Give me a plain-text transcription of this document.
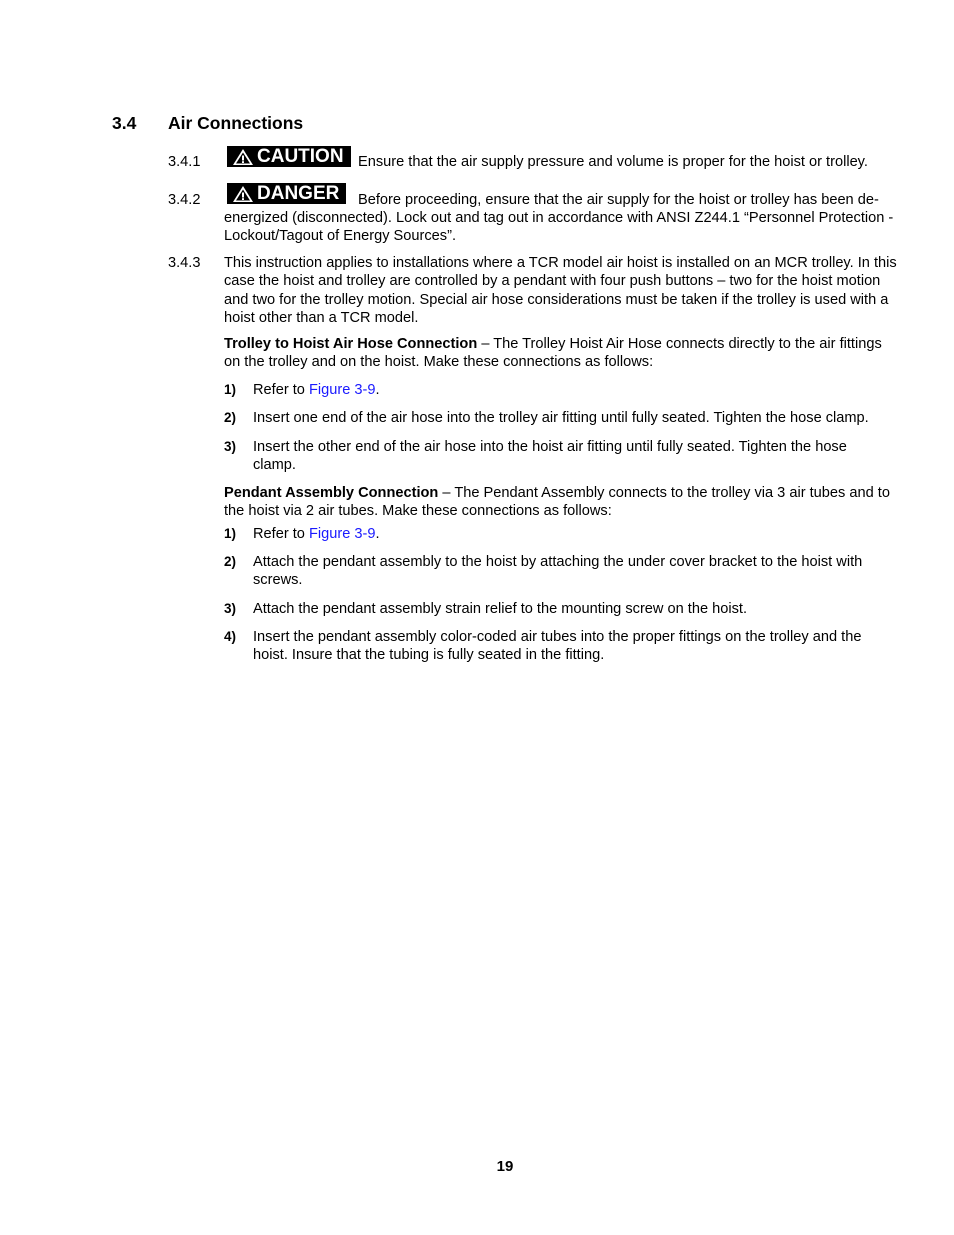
3.4 Air Connections
3.4.1	CAUTION Ensure that the air supply pressure and volume is proper for the hoist or trolley.
3.4.2	DANGER Before proceeding, ensure that the air supply for the hoist or trolley has been de-
energized (disconnected). Lock out and tag out in accordance with ANSI Z244.1 “Personnel Protection -Lockout/Tagout of Energy Sources”.
3.4.3 This instruction applies to installations where a TCR model air hoist is installed on an MCR trolley. In this case the hoist and trolley are controlled by a pendant with four push buttons – two for the hoist motion and two for the trolley motion. Special air hose considerations must be taken if the trolley is used with a hoist other than a TCR model.
Trolley to Hoist Air Hose Connection – The Trolley Hoist Air Hose connects directly to the air fittings on the trolley and on the hoist. Make these connections as follows:
1) Refer to Figure 3-9.
2) Insert one end of the air hose into the trolley air fitting until fully seated. Tighten the hose clamp.
3) Insert the other end of the air hose into the hoist air fitting until fully seated. Tighten the hose clamp.
Pendant Assembly Connection – The Pendant Assembly connects to the trolley via 3 air tubes and to the hoist via 2 air tubes. Make these connections as follows:
1) Refer to Figure 3-9.
2) Attach the pendant assembly to the hoist by attaching the under cover bracket to the hoist with screws.
3) Attach the pendant assembly strain relief to the mounting screw on the hoist.
4) Insert the pendant assembly color-coded air tubes into the proper fittings on the trolley and the hoist. Insure that the tubing is fully seated in the fitting.
19
